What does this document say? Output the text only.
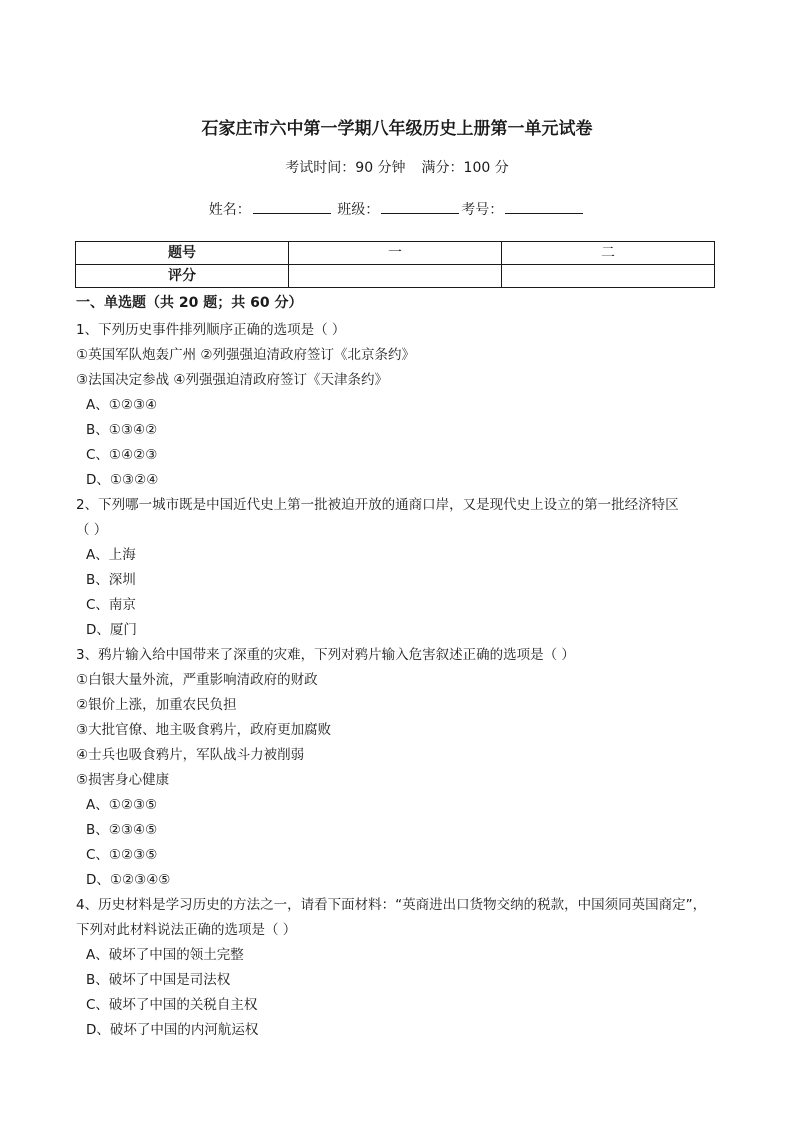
石家庄市六中第一学期八年级历史上册第一单元试卷
考试时间：90 分钟 满分：100 分
姓名：	班级：	考号：
题号	一	二
评分		
一、单选题（共 20 题；共 60 分）
1、下列历史事件排列顺序正确的选项是（ ）
①英国军队炮轰广州 ②列强强迫清政府签订《北京条约》
③法国决定参战 ④列强强迫清政府签订《天津条约》
A、①②③④
B、①③④②
C、①④②③
D、①③②④
2、下列哪一城市既是中国近代史上第一批被迫开放的通商口岸，又是现代史上设立的第一批经济特区
（ ）
A、上海
B、深圳
C、南京
D、厦门
3、鸦片输入给中国带来了深重的灾难，下列对鸦片输入危害叙述正确的选项是（ ）
①白银大量外流，严重影响清政府的财政
②银价上涨，加重农民负担
③大批官僚、地主吸食鸦片，政府更加腐败
④士兵也吸食鸦片，军队战斗力被削弱
⑤损害身心健康
A、①②③⑤
B、②③④⑤
C、①②③⑤
D、①②③④⑤
4、历史材料是学习历史的方法之一，请看下面材料：“英商进出口货物交纳的税款，中国须同英国商定”，
下列对此材料说法正确的选项是（ ）
A、破坏了中国的领土完整
B、破坏了中国是司法权
C、破坏了中国的关税自主权
D、破坏了中国的内河航运权
